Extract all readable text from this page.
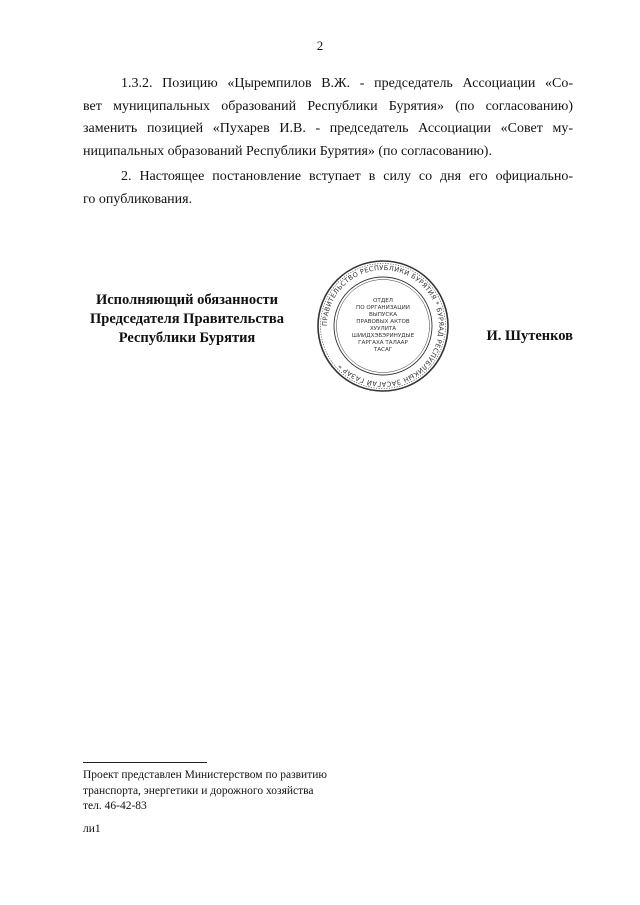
2
1.3.2. Позицию «Цыремпилов В.Ж. - председатель Ассоциации «Со-
вет муниципальных образований Республики Бурятия» (по согласованию)
заменить позицией «Пухарев И.В. - председатель Ассоциации «Совет му-
ниципальных образований Республики Бурятия» (по согласованию).
2. Настоящее постановление вступает в силу со дня его официально-
го опубликования.
Исполняющий обязанности
Председателя Правительства
Республики Бурятия
ПРАВИТЕЛЬСТВО РЕСПУБЛИКИ БУРЯТИЯ * БУРЯАД РЕСПУБЛИКЫН ЗАСАГАЙ ГАЗАР *
ОТДЕЛ
ПО ОРГАНИЗАЦИИ
ВЫПУСКА
ПРАВОВЫХ АКТОВ
ХУУЛИТА
ШИИДХЭБЭРИНУДЫЕ
ГАРГАХА ТАЛААР
ТАСАГ
И. Шутенков
Проект представлен Министерством по развитию
транспорта, энергетики и дорожного хозяйства
тел. 46-42-83
ли1
